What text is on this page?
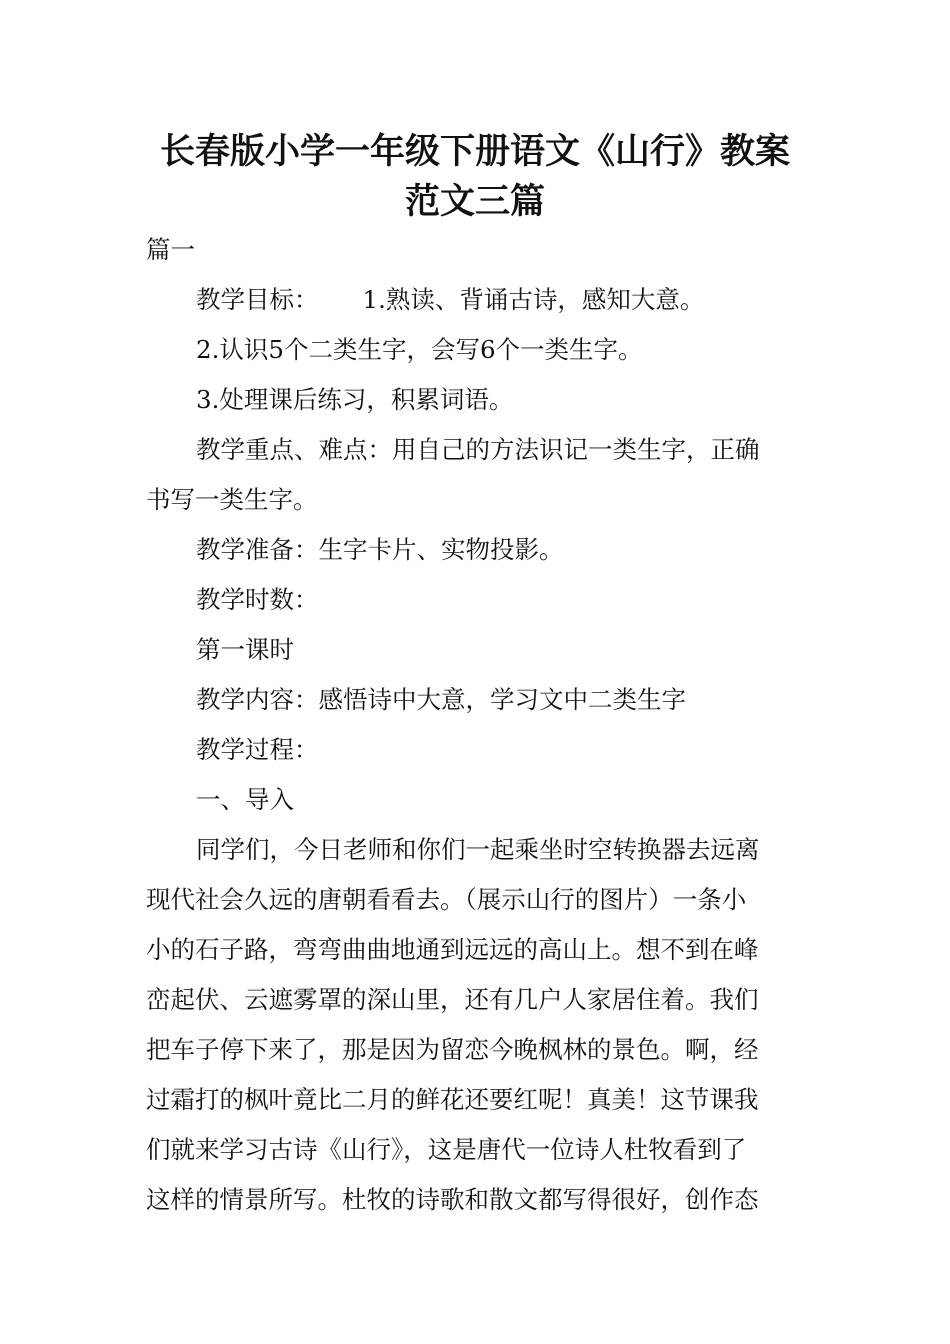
长春版小学一年级下册语文《山行》教案
范文三篇

篇一

教学目标： 1.熟读、背诵古诗，感知大意。

2.认识5个二类生字，会写6个一类生字。

3.处理课后练习，积累词语。

教学重点、难点：用自己的方法识记一类生字，正确

书写一类生字。

教学准备：生字卡片、实物投影。

教学时数：

第一课时

教学内容：感悟诗中大意，学习文中二类生字

教学过程：

一、导入

同学们，今日老师和你们一起乘坐时空转换器去远离

现代社会久远的唐朝看看去。（展示山行的图片）一条小

小的石子路，弯弯曲曲地通到远远的高山上。想不到在峰

峦起伏、云遮雾罩的深山里，还有几户人家居住着。我们

把车子停下来了，那是因为留恋今晚枫林的景色。啊，经

过霜打的枫叶竟比二月的鲜花还要红呢！真美！这节课我

们就来学习古诗《山行》，这是唐代一位诗人杜牧看到了

这样的情景所写。杜牧的诗歌和散文都写得很好，创作态
